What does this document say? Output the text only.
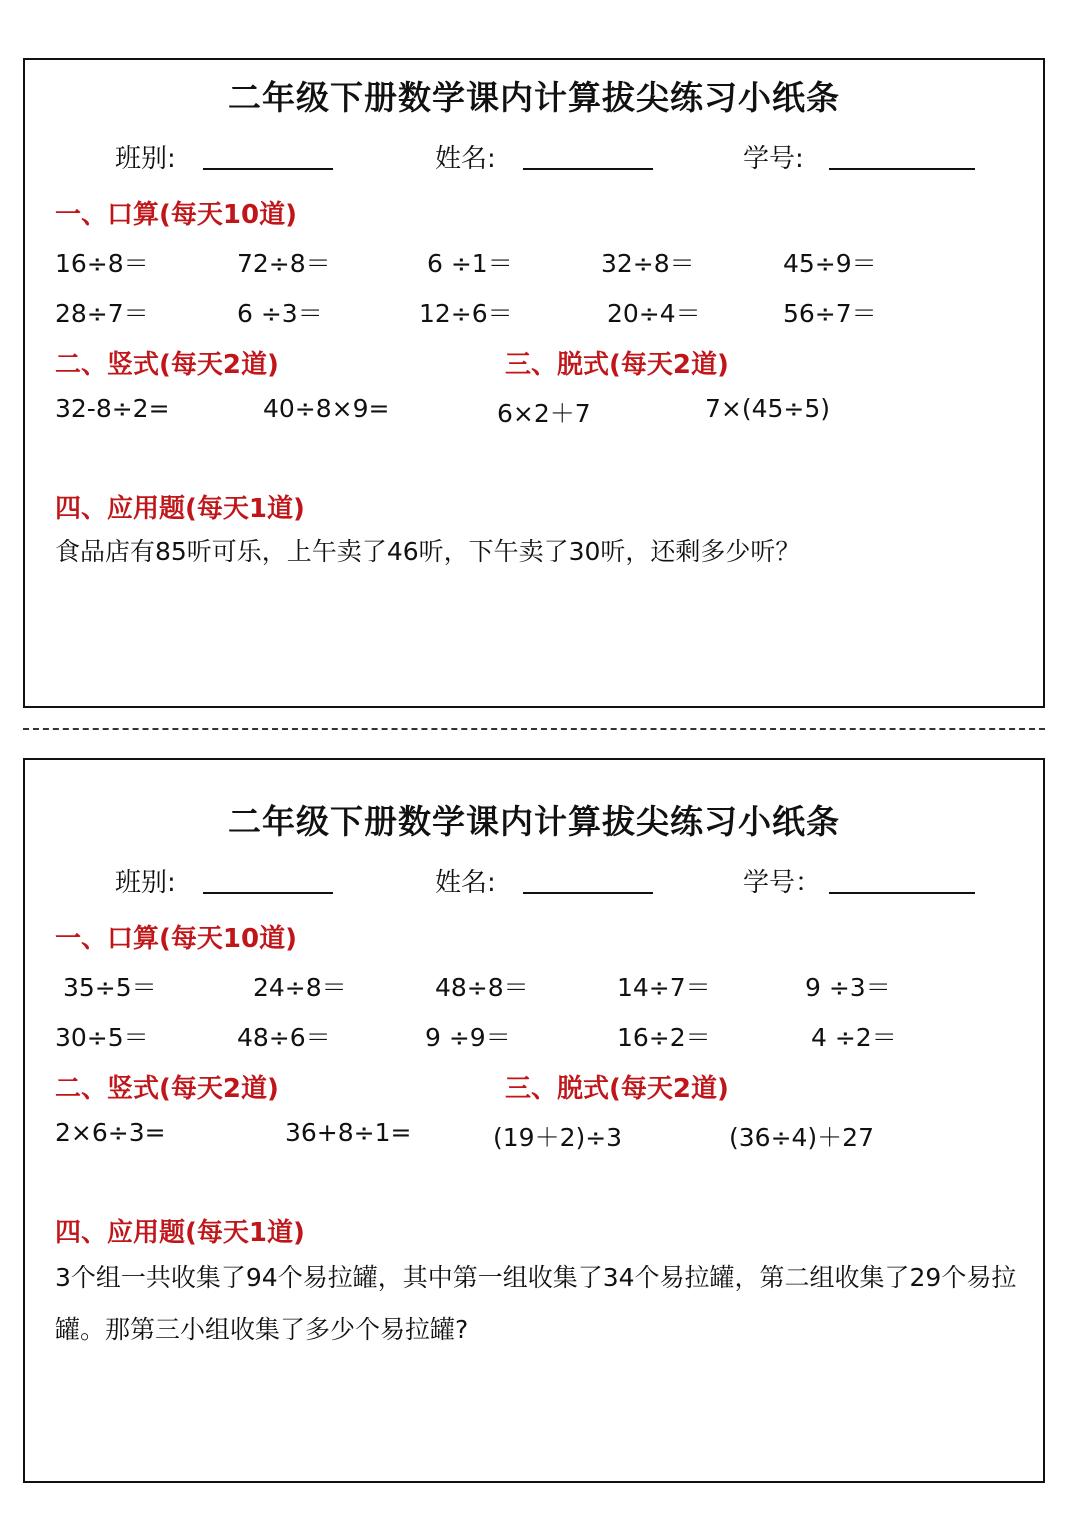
二年级下册数学课内计算拔尖练习小纸条
班别:	姓名:	学号:
一、口算(每天10道)
16÷8＝	72÷8＝	6 ÷1＝	32÷8＝	45÷9＝
28÷7＝	6 ÷3＝	12÷6＝	20÷4＝	56÷7＝
二、竖式(每天2道)	三、脱式(每天2道)
32-8÷2=	40÷8×9=	6×2＋7	7×(45÷5)
四、应用题(每天1道)
食品店有85听可乐，上午卖了46听，下午卖了30听，还剩多少听？
二年级下册数学课内计算拔尖练习小纸条
班别:	姓名:	学号：
一、口算(每天10道)
35÷5＝	24÷8＝	48÷8＝	14÷7＝	9 ÷3＝
30÷5＝	48÷6＝	9 ÷9＝	16÷2＝	4 ÷2＝
二、竖式(每天2道)	三、脱式(每天2道)
2×6÷3=	36+8÷1=	(19＋2)÷3	(36÷4)＋27
四、应用题(每天1道)
3个组一共收集了94个易拉罐，其中第一组收集了34个易拉罐，第二组收集了29个易拉罐。那第三小组收集了多少个易拉罐?
